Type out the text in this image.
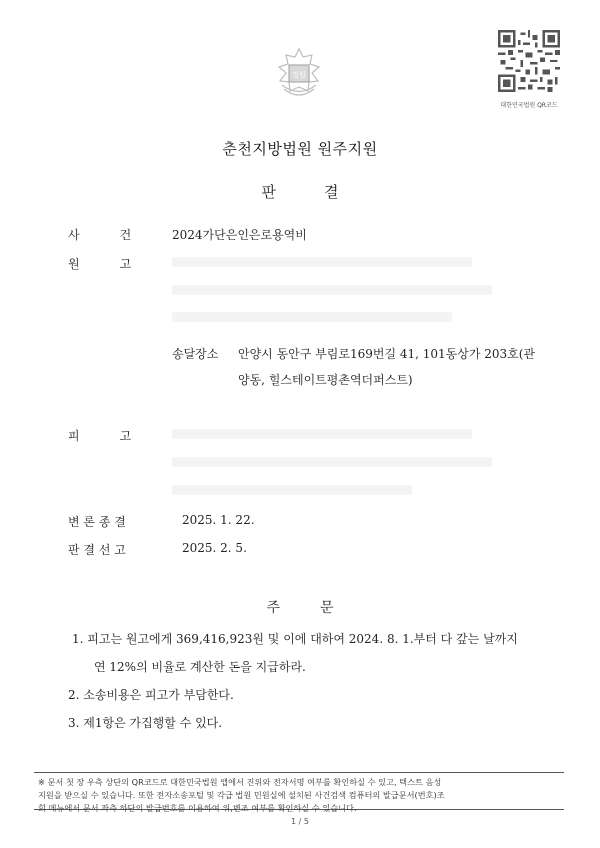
법원
대한민국법원 QR코드
춘천지방법원 원주지원
판	결
사	건	2024가단은인은로용역비
원	고
송달장소 안양시 동안구 부림로169번길 41, 101동상가 203호(관
양동, 힐스테이트평촌역더퍼스트)
피	고
변 론 종 결	2025. 1. 22.
판 결 선 고	2025. 2. 5.
주	문
1. 피고는 원고에게 369,416,923원 및 이에 대하여 2024. 8. 1.부터 다 갚는 날까지
연 12%의 비율로 계산한 돈을 지급하라.
2. 소송비용은 피고가 부담한다.
3. 제1항은 가집행할 수 있다.
※ 문서 첫 장 우측 상단의 QR코드로 대한민국법원 앱에서 진위와 전자서명 여부를 확인하실 수 있고, 텍스트 음성
지원을 받으실 수 있습니다. 또한 전자소송포털 및 각급 법원 민원실에 설치된 사건검색 컴퓨터의 발급문서(번호)조
회 메뉴에서 문서 좌측 하단의 발급번호를 이용하여 위,변조 여부를 확인하실 수 있습니다.
1 / 5
